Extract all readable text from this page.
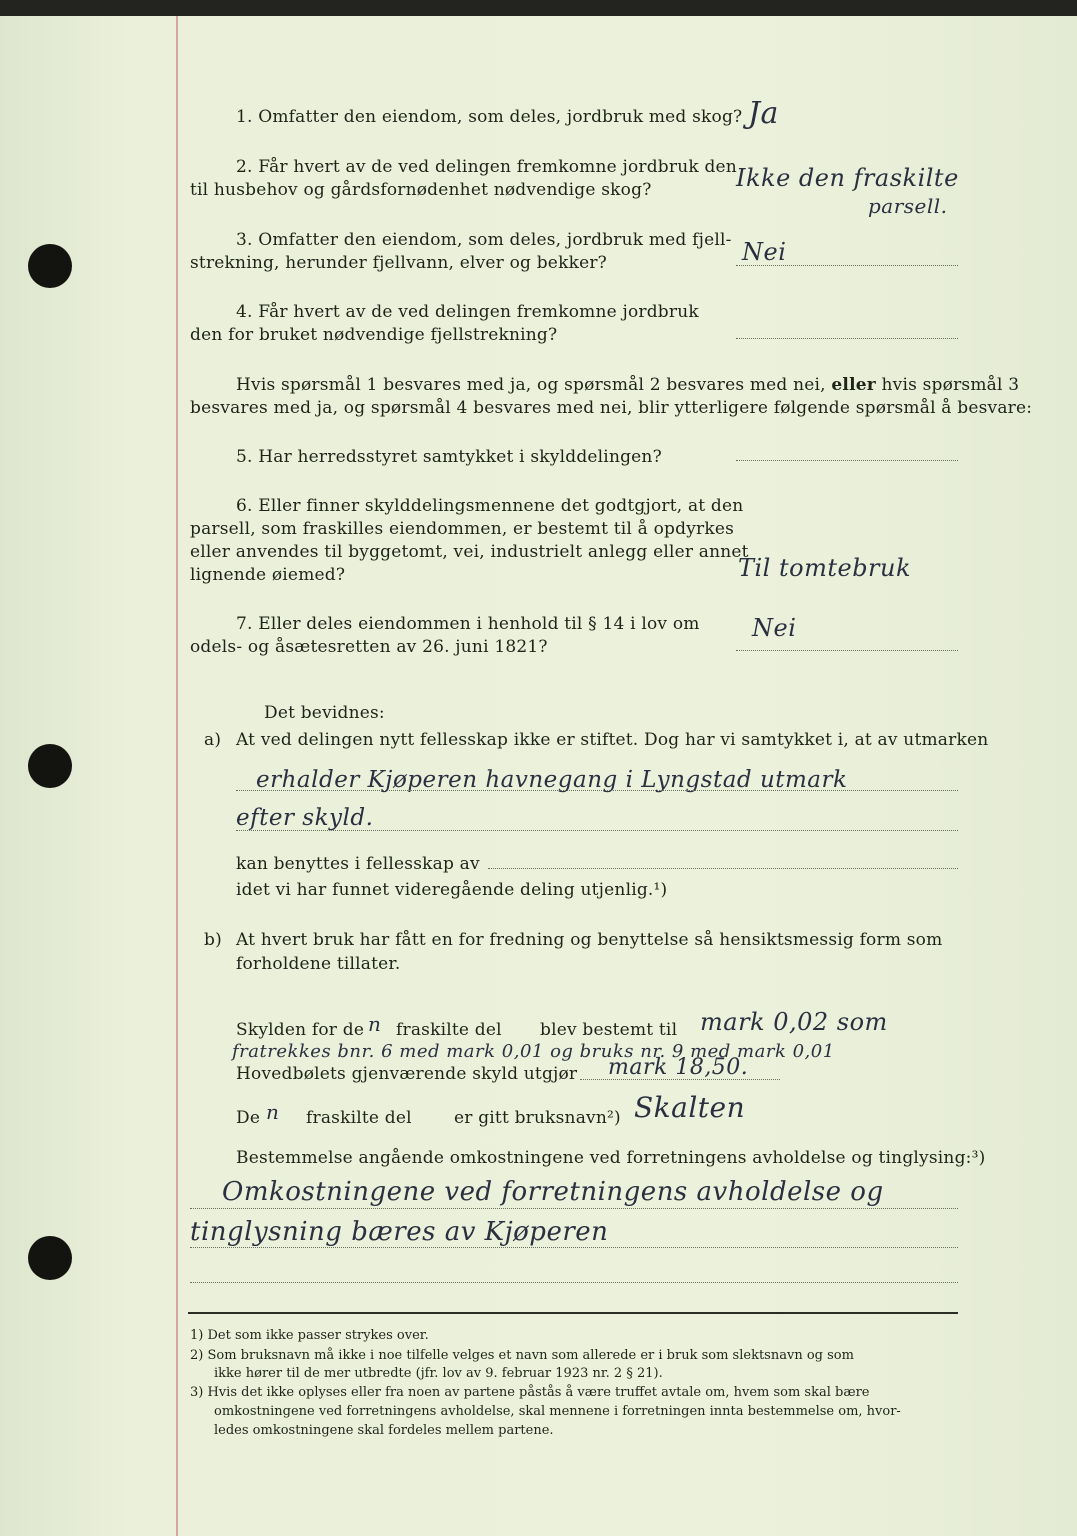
1. Omfatter den eiendom, som deles, jordbruk med skog? Ja
2. Får hvert av de ved delingen fremkomne jordbruk den
til husbehov og gårdsfornødenhet nødvendige skog?	Ikke den fraskilte
parsell.
3. Omfatter den eiendom, som deles, jordbruk med fjell‑
strekning, herunder fjellvann, elver og bekker?	Nei
4. Får hvert av de ved delingen fremkomne jordbruk
den for bruket nødvendige fjellstrekning?
Hvis spørsmål 1 besvares med ja, og spørsmål 2 besvares med nei, eller hvis spørsmål 3
besvares med ja, og spørsmål 4 besvares med nei, blir ytterligere følgende spørsmål å besvare:
5. Har herredsstyret samtykket i skylddelingen?
6. Eller finner skylddelingsmennene det godtgjort, at den
parsell, som fraskilles eiendommen, er bestemt til å opdyrkes
eller anvendes til byggetomt, vei, industrielt anlegg eller annet
lignende øiemed?	Til tomtebruk
7. Eller deles eiendommen i henhold til § 14 i lov om
odels‑ og åsætesretten av 26. juni 1821?
Nei
Det bevidnes:
a) At ved delingen nytt fellesskap ikke er stiftet. Dog har vi samtykket i, at av utmarken
erhalder Kjøperen havnegang i Lyngstad utmark
efter skyld.
kan benyttes i fellesskap av
idet vi har funnet videregående deling utjenlig.¹)
b) At hvert bruk har fått en for fredning og benyttelse så hensiktsmessig form som
forholdene tillater.
Skylden for de n fraskilte del blev bestemt til mark 0,02 som
fratrekkes bnr. 6 med mark 0,01 og bruks nr. 9 med mark 0,01
Hovedbølets gjenværende skyld utgjør mark 18,50.
De n fraskilte del er gitt bruksnavn²) Skalten
Bestemmelse angående omkostningene ved forretningens avholdelse og tinglysing:³)
Omkostningene ved forretningens avholdelse og
tinglysning bæres av Kjøperen
1) Det som ikke passer strykes over.
2) Som bruksnavn må ikke i noe tilfelle velges et navn som allerede er i bruk som slektsnavn og som
ikke hører til de mer utbredte (jfr. lov av 9. februar 1923 nr. 2 § 21).
3) Hvis det ikke oplyses eller fra noen av partene påstås å være truffet avtale om, hvem som skal bære
omkostningene ved forretningens avholdelse, skal mennene i forretningen innta bestemmelse om, hvor‑
ledes omkostningene skal fordeles mellem partene.
